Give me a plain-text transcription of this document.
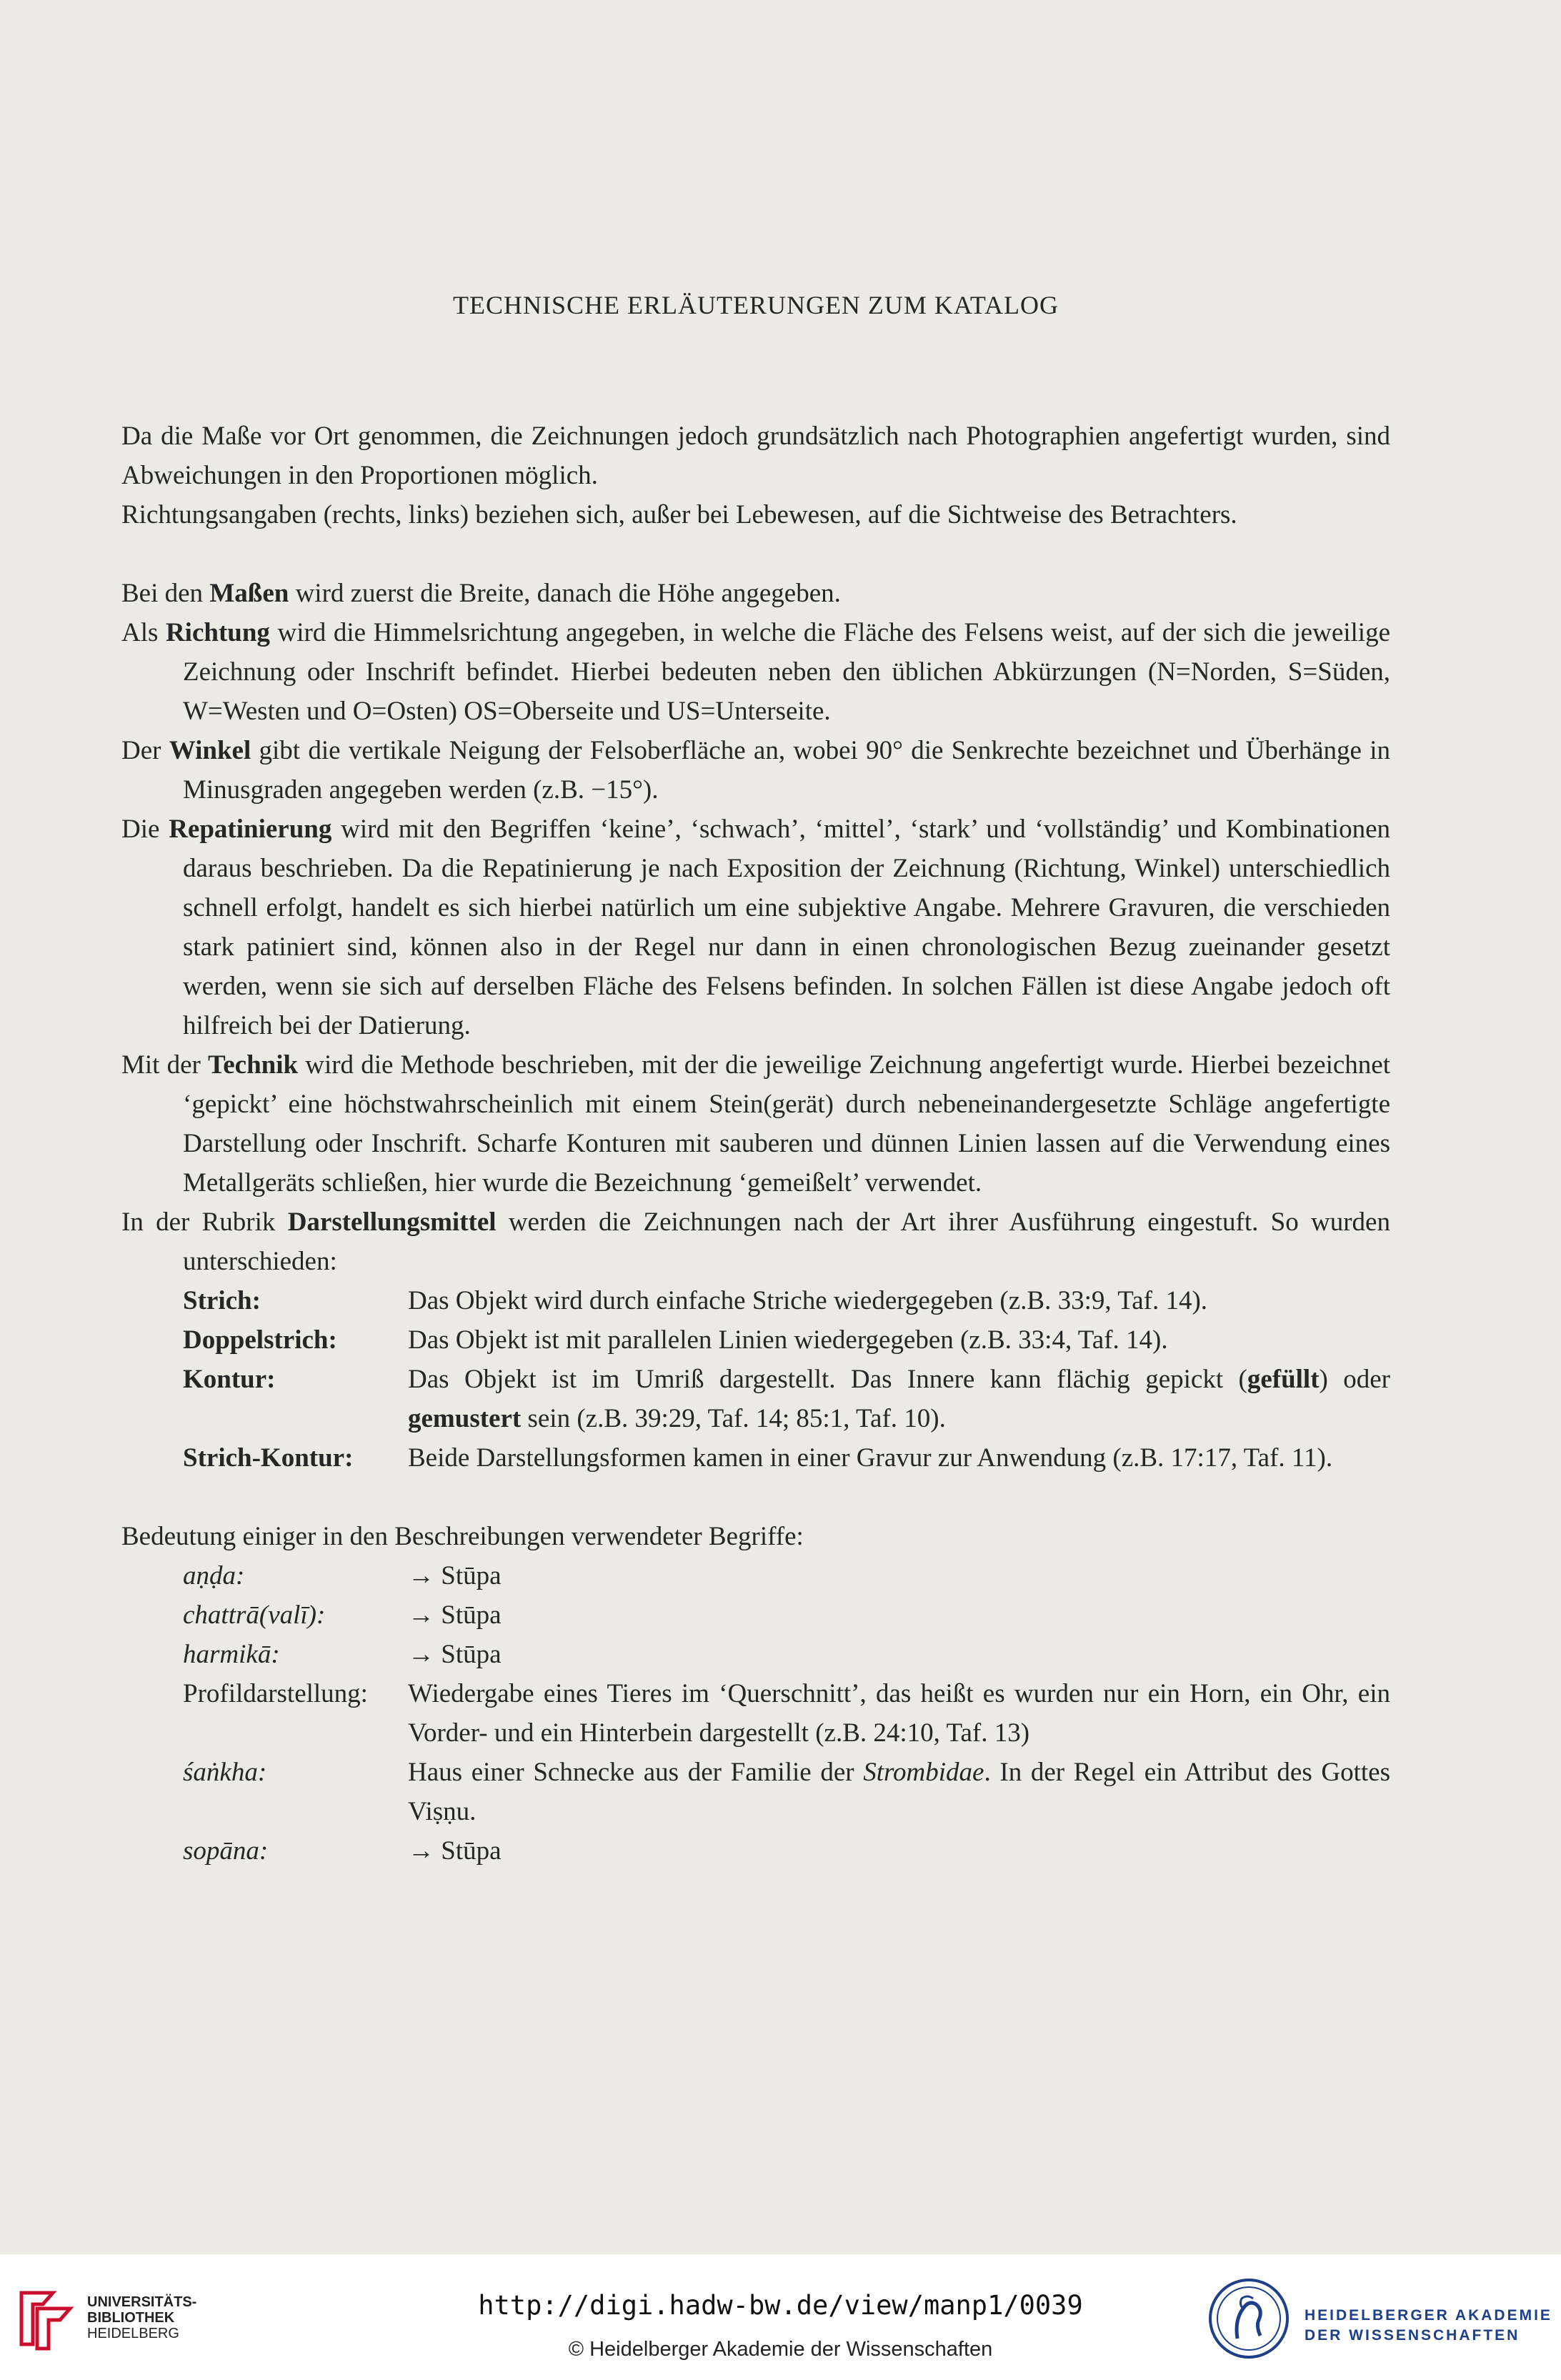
TECHNISCHE ERLÄUTERUNGEN ZUM KATALOG

Da die Maße vor Ort genommen, die Zeichnungen jedoch grundsätzlich nach Photographien angefertigt wurden, sind Abweichungen in den Proportionen möglich.

Richtungsangaben (rechts, links) beziehen sich, außer bei Lebewesen, auf die Sichtweise des Betrachters.

Bei den Maßen wird zuerst die Breite, danach die Höhe angegeben.

Als Richtung wird die Himmelsrichtung angegeben, in welche die Fläche des Felsens weist, auf der sich die jeweilige Zeichnung oder Inschrift befindet. Hierbei bedeuten neben den üblichen Abkürzungen (N=Norden, S=Süden, W=Westen und O=Osten) OS=Oberseite und US=Unterseite.

Der Winkel gibt die vertikale Neigung der Felsoberfläche an, wobei 90° die Senkrechte bezeichnet und Überhänge in Minusgraden angegeben werden (z.B. −15°).

Die Repatinierung wird mit den Begriffen ‘keine’, ‘schwach’, ‘mittel’, ‘stark’ und ‘vollständig’ und Kombinationen daraus beschrieben. Da die Repatinierung je nach Exposition der Zeichnung (Richtung, Winkel) unterschiedlich schnell erfolgt, handelt es sich hierbei natürlich um eine subjektive Angabe. Mehrere Gravuren, die verschieden stark patiniert sind, können also in der Regel nur dann in einen chronologischen Bezug zueinander gesetzt werden, wenn sie sich auf derselben Fläche des Felsens befinden. In solchen Fällen ist diese Angabe jedoch oft hilfreich bei der Datierung.

Mit der Technik wird die Methode beschrieben, mit der die jeweilige Zeichnung angefertigt wurde. Hierbei bezeichnet ‘gepickt’ eine höchstwahrscheinlich mit einem Stein(gerät) durch nebeneinandergesetzte Schläge angefertigte Darstellung oder Inschrift. Scharfe Konturen mit sauberen und dünnen Linien lassen auf die Verwendung eines Metallgeräts schließen, hier wurde die Bezeichnung ‘gemeißelt’ verwendet.

In der Rubrik Darstellungsmittel werden die Zeichnungen nach der Art ihrer Ausführung eingestuft. So wurden unterschieden:

Strich:	Das Objekt wird durch einfache Striche wiedergegeben (z.B. 33:9, Taf. 14).
Doppelstrich:	Das Objekt ist mit parallelen Linien wiedergegeben (z.B. 33:4, Taf. 14).
Kontur:	Das Objekt ist im Umriß dargestellt. Das Innere kann flächig gepickt (gefüllt) oder gemustert sein (z.B. 39:29, Taf. 14; 85:1, Taf. 10).
Strich-Kontur:	Beide Darstellungsformen kamen in einer Gravur zur Anwendung (z.B. 17:17, Taf. 11).

Bedeutung einiger in den Beschreibungen verwendeter Begriffe:

aṇḍa:	→ Stūpa
chattrā(valī):	→ Stūpa
harmikā:	→ Stūpa
Profildarstellung:	Wiedergabe eines Tieres im ‘Querschnitt’, das heißt es wurden nur ein Horn, ein Ohr, ein Vorder- und ein Hinterbein dargestellt (z.B. 24:10, Taf. 13)
śaṅkha:	Haus einer Schnecke aus der Familie der Strombidae. In der Regel ein Attribut des Gottes Viṣṇu.
sopāna:	→ Stūpa
UNIVERSITÄTS-
BIBLIOTHEK
HEIDELBERG
http://digi.hadw-bw.de/view/manp1/0039
© Heidelberger Akademie der Wissenschaften
HEIDELBERGER AKADEMIE
DER WISSENSCHAFTEN
